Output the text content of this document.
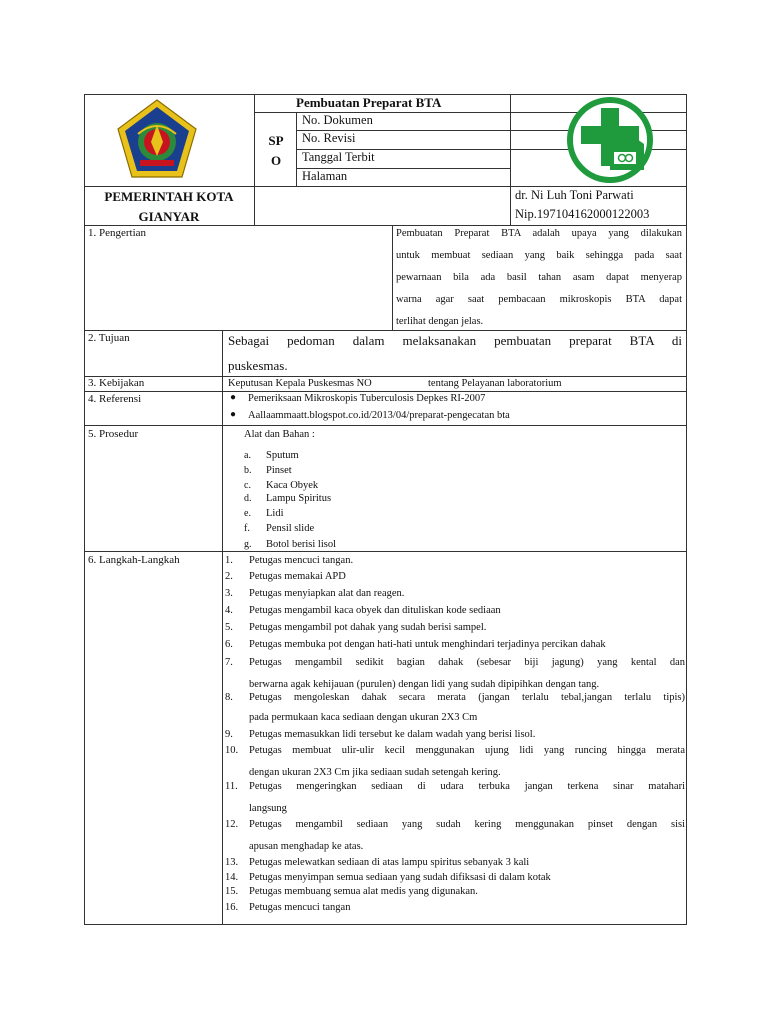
Pembuatan Preparat BTA
SP
O
No. Dokumen
No. Revisi
Tanggal Terbit
Halaman
PEMERINTAH KOTA
GIANYAR
dr. Ni Luh Toni Parwati
Nip.197104162000122003
1. Pengertian	Pembuatan Preparat BTA adalah upaya yang dilakukan
untuk membuat sediaan yang baik sehingga pada saat
pewarnaan bila ada basil tahan asam dapat menyerap
warna agar saat pembacaan mikroskopis BTA dapat
terlihat dengan jelas.
2. Tujuan	Sebagai pedoman dalam melaksanakan pembuatan preparat BTA di
puskesmas.
3. Kebijakan	Keputusan Kepala Puskesmas NO	tentang Pelayanan laboratorium
4. Referensi	● Pemeriksaan Mikroskopis Tuberculosis Depkes RI-2007
● Aallaammaatt.blogspot.co.id/2013/04/preparat-pengecatan bta
5. Prosedur	Alat dan Bahan :
a. Sputum
b. Pinset
c. Kaca Obyek
d. Lampu Spiritus
e. Lidi
f. Pensil slide
g. Botol berisi lisol
6. Langkah-Langkah	1.	Petugas mencuci tangan.
2.	Petugas memakai APD
3.	Petugas menyiapkan alat dan reagen.
4.	Petugas mengambil kaca obyek dan dituliskan kode sediaan
5.	Petugas mengambil pot dahak yang sudah berisi sampel.
6.	Petugas membuka pot dengan hati-hati untuk menghindari terjadinya percikan dahak
7.	Petugas mengambil sedikit bagian dahak (sebesar biji jagung) yang kental dan
berwarna agak kehijauan (purulen) dengan lidi yang sudah dipipihkan dengan tang.
8.	Petugas mengoleskan dahak secara merata (jangan terlalu tebal,jangan terlalu tipis)
pada permukaan kaca sediaan dengan ukuran 2X3 Cm
9.	Petugas memasukkan lidi tersebut ke dalam wadah yang berisi lisol.
10.	Petugas membuat ulir-ulir kecil menggunakan ujung lidi yang runcing hingga merata
dengan ukuran 2X3 Cm jika sediaan sudah setengah kering.
11.	Petugas mengeringkan sediaan di udara terbuka jangan terkena sinar matahari
langsung
12.	Petugas mengambil sediaan yang sudah kering menggunakan pinset dengan sisi
apusan menghadap ke atas.
13.	Petugas melewatkan sediaan di atas lampu spiritus sebanyak 3 kali
14.	Petugas menyimpan semua sediaan yang sudah difiksasi di dalam kotak
15.	Petugas membuang semua alat medis yang digunakan.
16.	Petugas mencuci tangan
